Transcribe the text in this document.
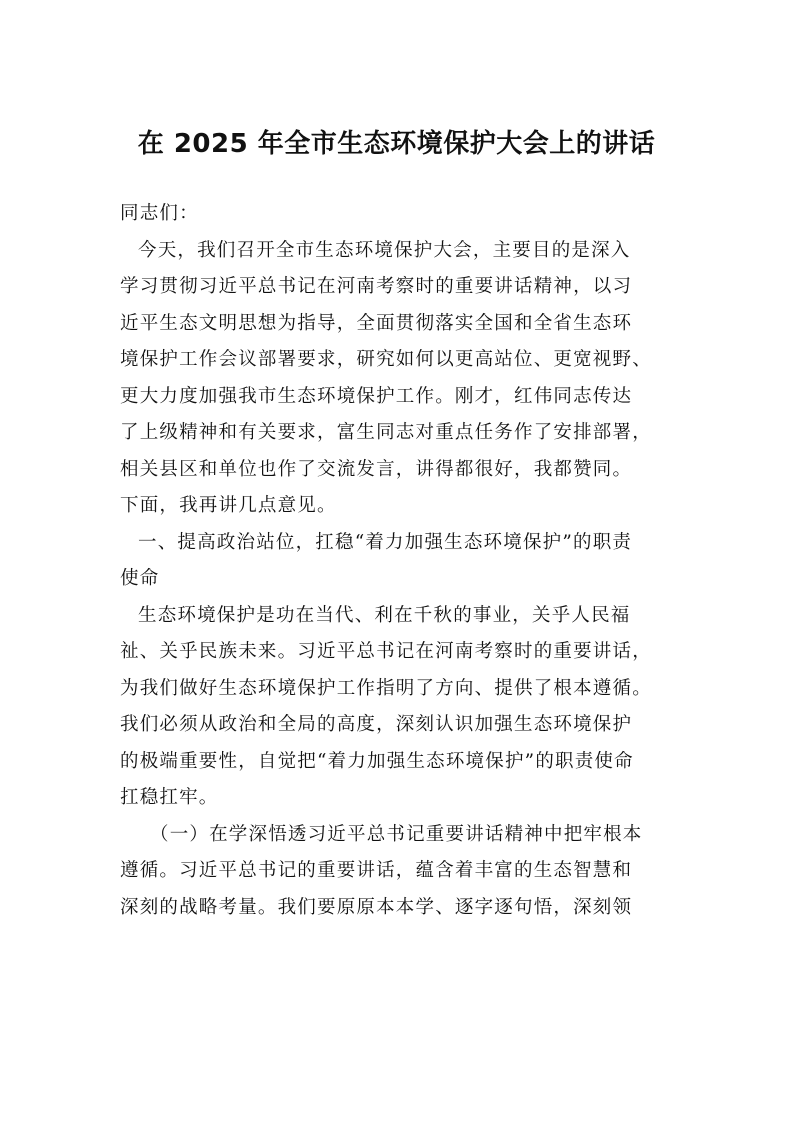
在 2025 年全市生态环境保护大会上的讲话
同志们：
今天，我们召开全市生态环境保护大会，主要目的是深入
学习贯彻习近平总书记在河南考察时的重要讲话精神，以习
近平生态文明思想为指导，全面贯彻落实全国和全省生态环
境保护工作会议部署要求，研究如何以更高站位、更宽视野、
更大力度加强我市生态环境保护工作。刚才，红伟同志传达
了上级精神和有关要求，富生同志对重点任务作了安排部署，
相关县区和单位也作了交流发言，讲得都很好，我都赞同。
下面，我再讲几点意见。
一、提高政治站位，扛稳“着力加强生态环境保护”的职责
使命
生态环境保护是功在当代、利在千秋的事业，关乎人民福
祉、关乎民族未来。习近平总书记在河南考察时的重要讲话，
为我们做好生态环境保护工作指明了方向、提供了根本遵循。
我们必须从政治和全局的高度，深刻认识加强生态环境保护
的极端重要性，自觉把“着力加强生态环境保护”的职责使命
扛稳扛牢。
（一）在学深悟透习近平总书记重要讲话精神中把牢根本
遵循。习近平总书记的重要讲话，蕴含着丰富的生态智慧和
深刻的战略考量。我们要原原本本学、逐字逐句悟，深刻领
